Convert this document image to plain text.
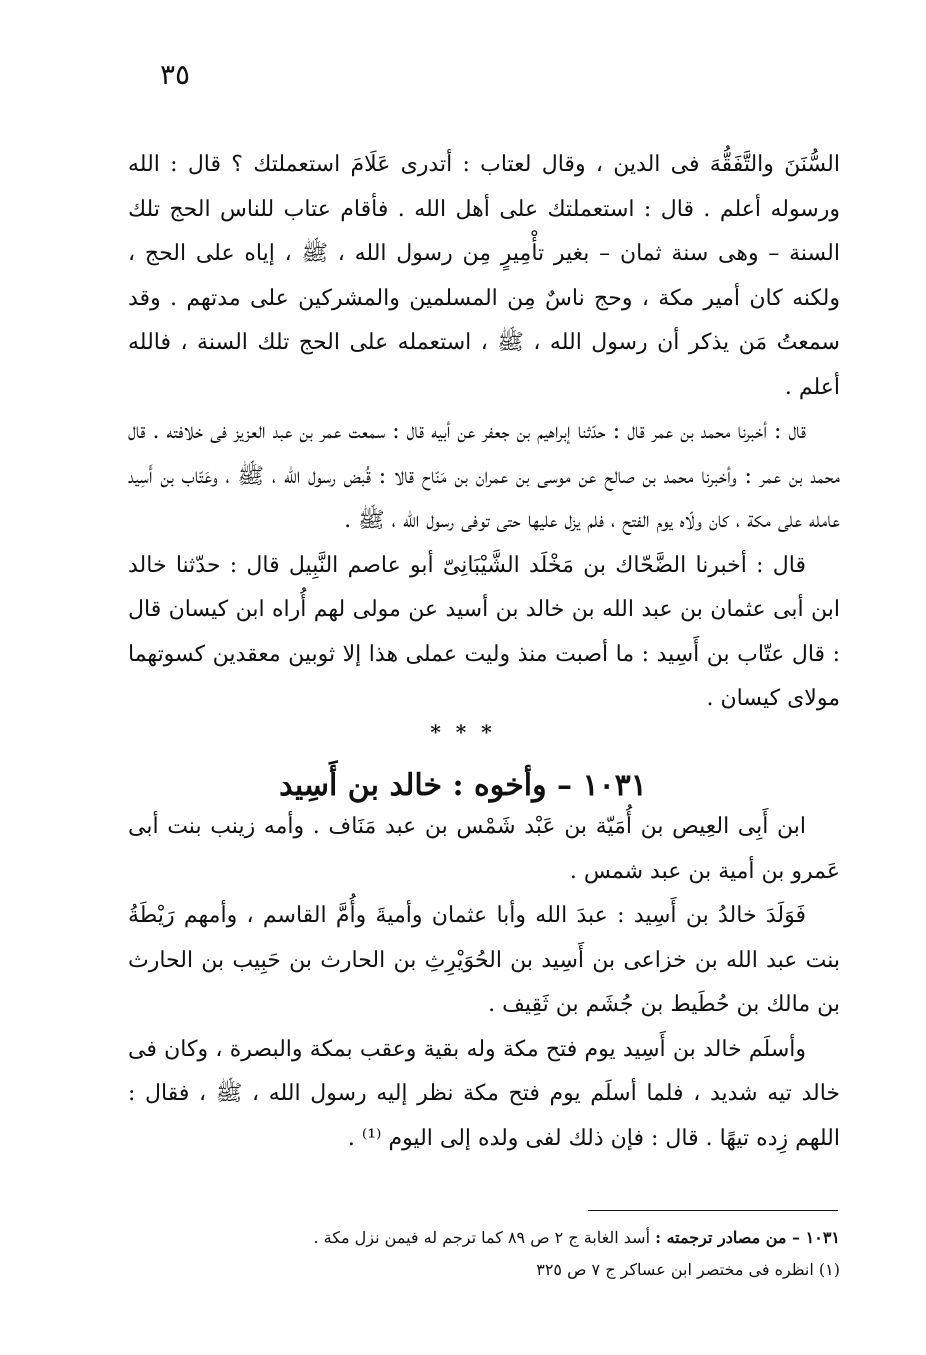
٣٥

السُّنَنَ والتَّفَقُّهَ فى الدين ، وقال لعتاب : أتدرى عَلَامَ استعملتك ؟ قال : الله ورسوله أعلم . قال : استعملتك على أهل الله . فأقام عتاب للناس الحج تلك السنة – وهى سنة ثمان – بغير تأْمِيرٍ مِن رسول الله ، ﷺ ، إياه على الحج ، ولكنه كان أمير مكة ، وحج ناسٌ مِن المسلمين والمشركين على مدتهم . وقد سمعتُ مَن يذكر أن رسول الله ، ﷺ ، استعمله على الحج تلك السنة ، فالله أعلم .

قال : أخبرنا محمد بن عمر قال : حدّثنا إبراهيم بن جعفر عن أبيه قال : سمعت عمر بن عبد العزيز فى خلافته . قال محمد بن عمر : وأخبرنا محمد بن صالح عن موسى بن عمران بن مَنّاح قالا : قُبض رسول الله ، ﷺ ، وعَتّاب بن أَسِيد عامله على مكة ، كان ولّاه يوم الفتح ، فلم يزل عليها حتى توفى رسول الله ، ﷺ .

قال : أخبرنا الضَّحّاك بن مَخْلَد الشَّيْبَانِىّ أبو عاصم النَّبِيل قال : حدّثنا خالد ابن أبى عثمان بن عبد الله بن خالد بن أسيد عن مولى لهم أُراه ابن كيسان قال : قال عتّاب بن أَسِيد : ما أصبت منذ وليت عملى هذا إلا ثوبين معقدين كسوتهما مولاى كيسان .

* * *
١٠٣١ – وأخوه : خالد بن أَسِيد

ابن أَبِى العِيص بن أُمَيّة بن عَبْد شَمْس بن عبد مَنَاف . وأمه زينب بنت أبى عَمرو بن أمية بن عبد شمس .

فَوَلَدَ خالدُ بن أَسِيد : عبدَ الله وأبا عثمان وأميةَ وأُمَّ القاسم ، وأمهم رَيْطَةُ بنت عبد الله بن خزاعى بن أَسِيد بن الحُوَيْرِثِ بن الحارث بن حَبِيب بن الحارث بن مالك بن حُطَيط بن جُشَم بن ثَقِيف .

وأسلَم خالد بن أَسِيد يوم فتح مكة وله بقية وعقب بمكة والبصرة ، وكان فى خالد تيه شديد ، فلما أسلَم يوم فتح مكة نظر إليه رسول الله ، ﷺ ، فقال : اللهم زِده تيهًا . قال : فإن ذلك لفى ولده إلى اليوم ⁽¹⁾ .

١٠٣١ – من مصادر ترجمته : أسد الغابة ج ٢ ص ٨٩ كما ترجم له فيمن نزل مكة .

(١) انظره فى مختصر ابن عساكر ج ٧ ص ٣٢٥
